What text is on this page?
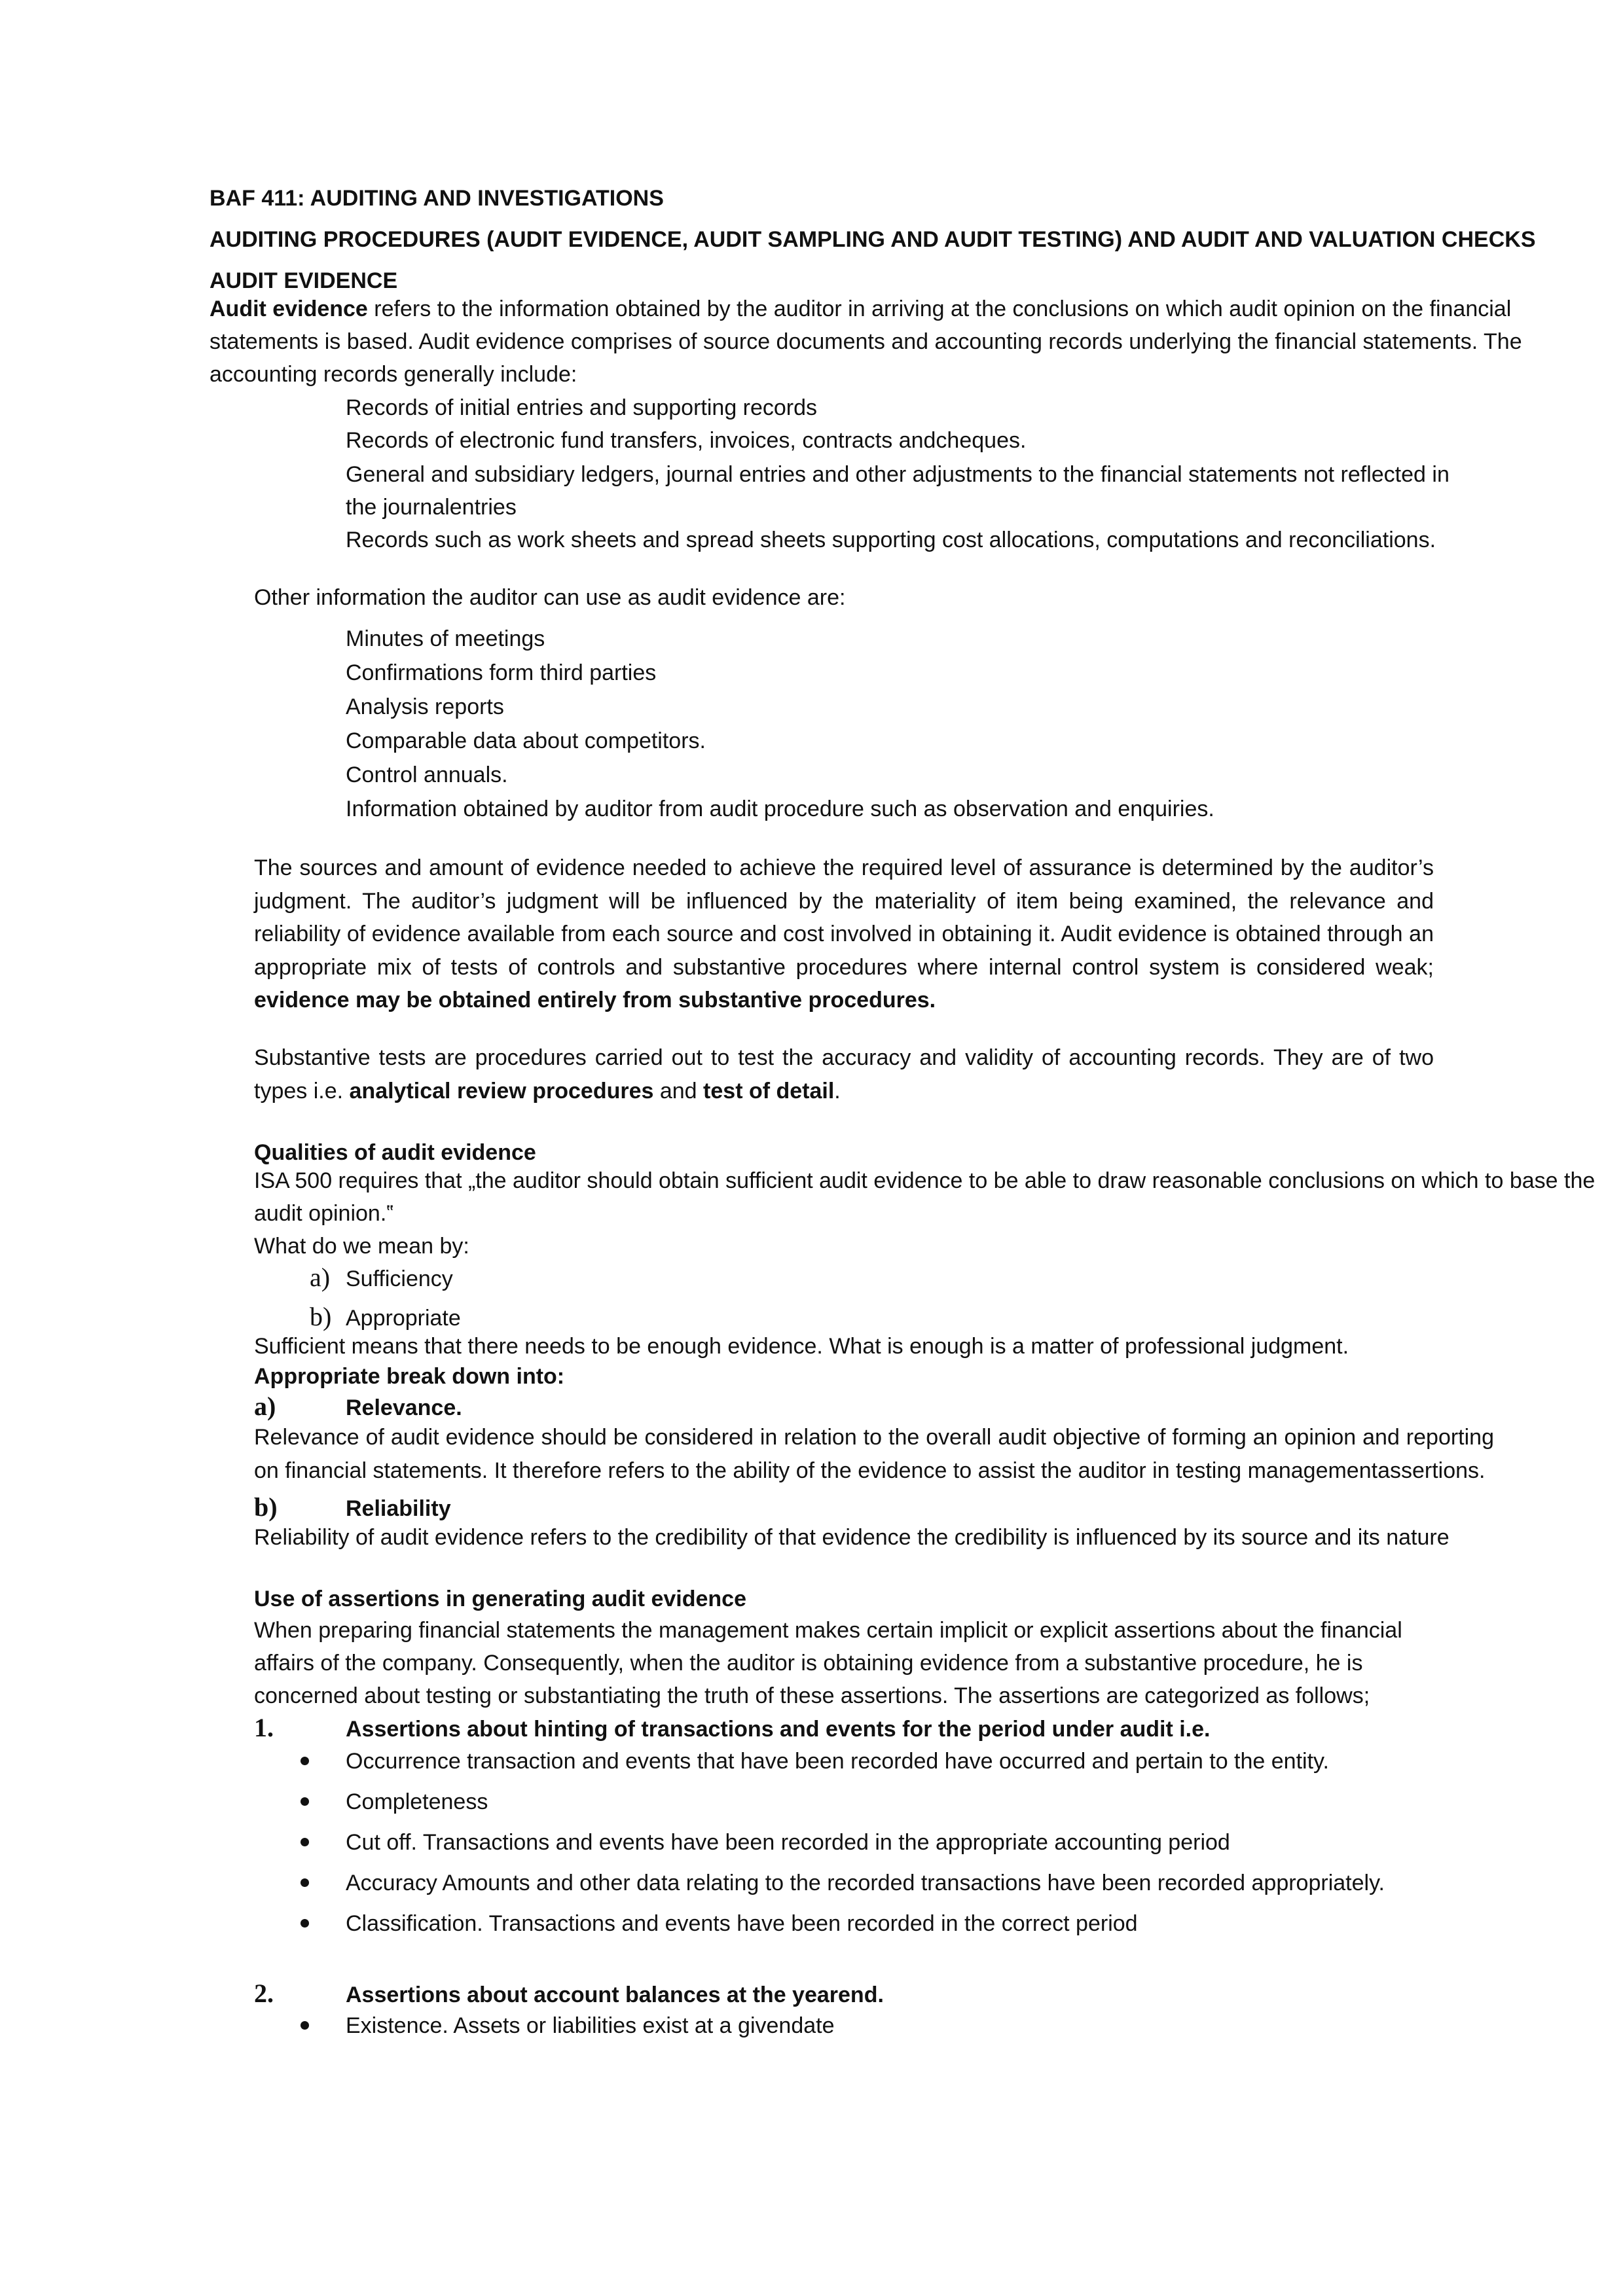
BAF 411: AUDITING AND INVESTIGATIONS
AUDITING PROCEDURES (AUDIT EVIDENCE, AUDIT SAMPLING AND AUDIT TESTING) AND AUDIT AND VALUATION CHECKS
AUDIT EVIDENCE
Audit evidence refers to the information obtained by the auditor in arriving at the conclusions on which audit opinion on the financial
statements is based. Audit evidence comprises of source documents and accounting records underlying the financial statements. The
accounting records generally include:
Records of initial entries and supporting records
Records of electronic fund transfers, invoices, contracts andcheques.
General and subsidiary ledgers, journal entries and other adjustments to the financial statements not reflected in
the journalentries
Records such as work sheets and spread sheets supporting cost allocations, computations and reconciliations.
Other information the auditor can use as audit evidence are:
Minutes of meetings
Confirmations form third parties
Analysis reports
Comparable data about competitors.
Control annuals.
Information obtained by auditor from audit procedure such as observation and enquiries.
The sources and amount of evidence needed to achieve the required level of assurance is determined by the auditor’s judgment. The auditor’s judgment will be influenced by the materiality of item being examined, the relevance and reliability of evidence available from each source and cost involved in obtaining it. Audit evidence is obtained through an appropriate mix of tests of controls and substantive procedures where internal control system is considered weak; evidence may be obtained entirely from substantive procedures.
Substantive tests are procedures carried out to test the accuracy and validity of accounting records. They are of two types i.e. analytical review procedures and test of detail.
Qualities of audit evidence
ISA 500 requires that „the auditor should obtain sufficient audit evidence to be able to draw reasonable conclusions on which to base the
audit opinion.‟
What do we mean by:
a) Sufficiency
b) Appropriate
Sufficient means that there needs to be enough evidence. What is enough is a matter of professional judgment.
Appropriate break down into:
a)	Relevance.
Relevance of audit evidence should be considered in relation to the overall audit objective of forming an opinion and reporting on financial statements. It therefore refers to the ability of the evidence to assist the auditor in testing managementassertions.
b)	Reliability
Reliability of audit evidence refers to the credibility of that evidence the credibility is influenced by its source and its nature
Use of assertions in generating audit evidence
When preparing financial statements the management makes certain implicit or explicit assertions about the financial
affairs of the company. Consequently, when the auditor is obtaining evidence from a substantive procedure, he is
concerned about testing or substantiating the truth of these assertions. The assertions are categorized as follows;
1.	Assertions about hinting of transactions and events for the period under audit i.e.
Occurrence transaction and events that have been recorded have occurred and pertain to the entity.
Completeness
Cut off. Transactions and events have been recorded in the appropriate accounting period
Accuracy Amounts and other data relating to the recorded transactions have been recorded appropriately.
Classification. Transactions and events have been recorded in the correct period
2.	Assertions about account balances at the yearend.
Existence. Assets or liabilities exist at a givendate
